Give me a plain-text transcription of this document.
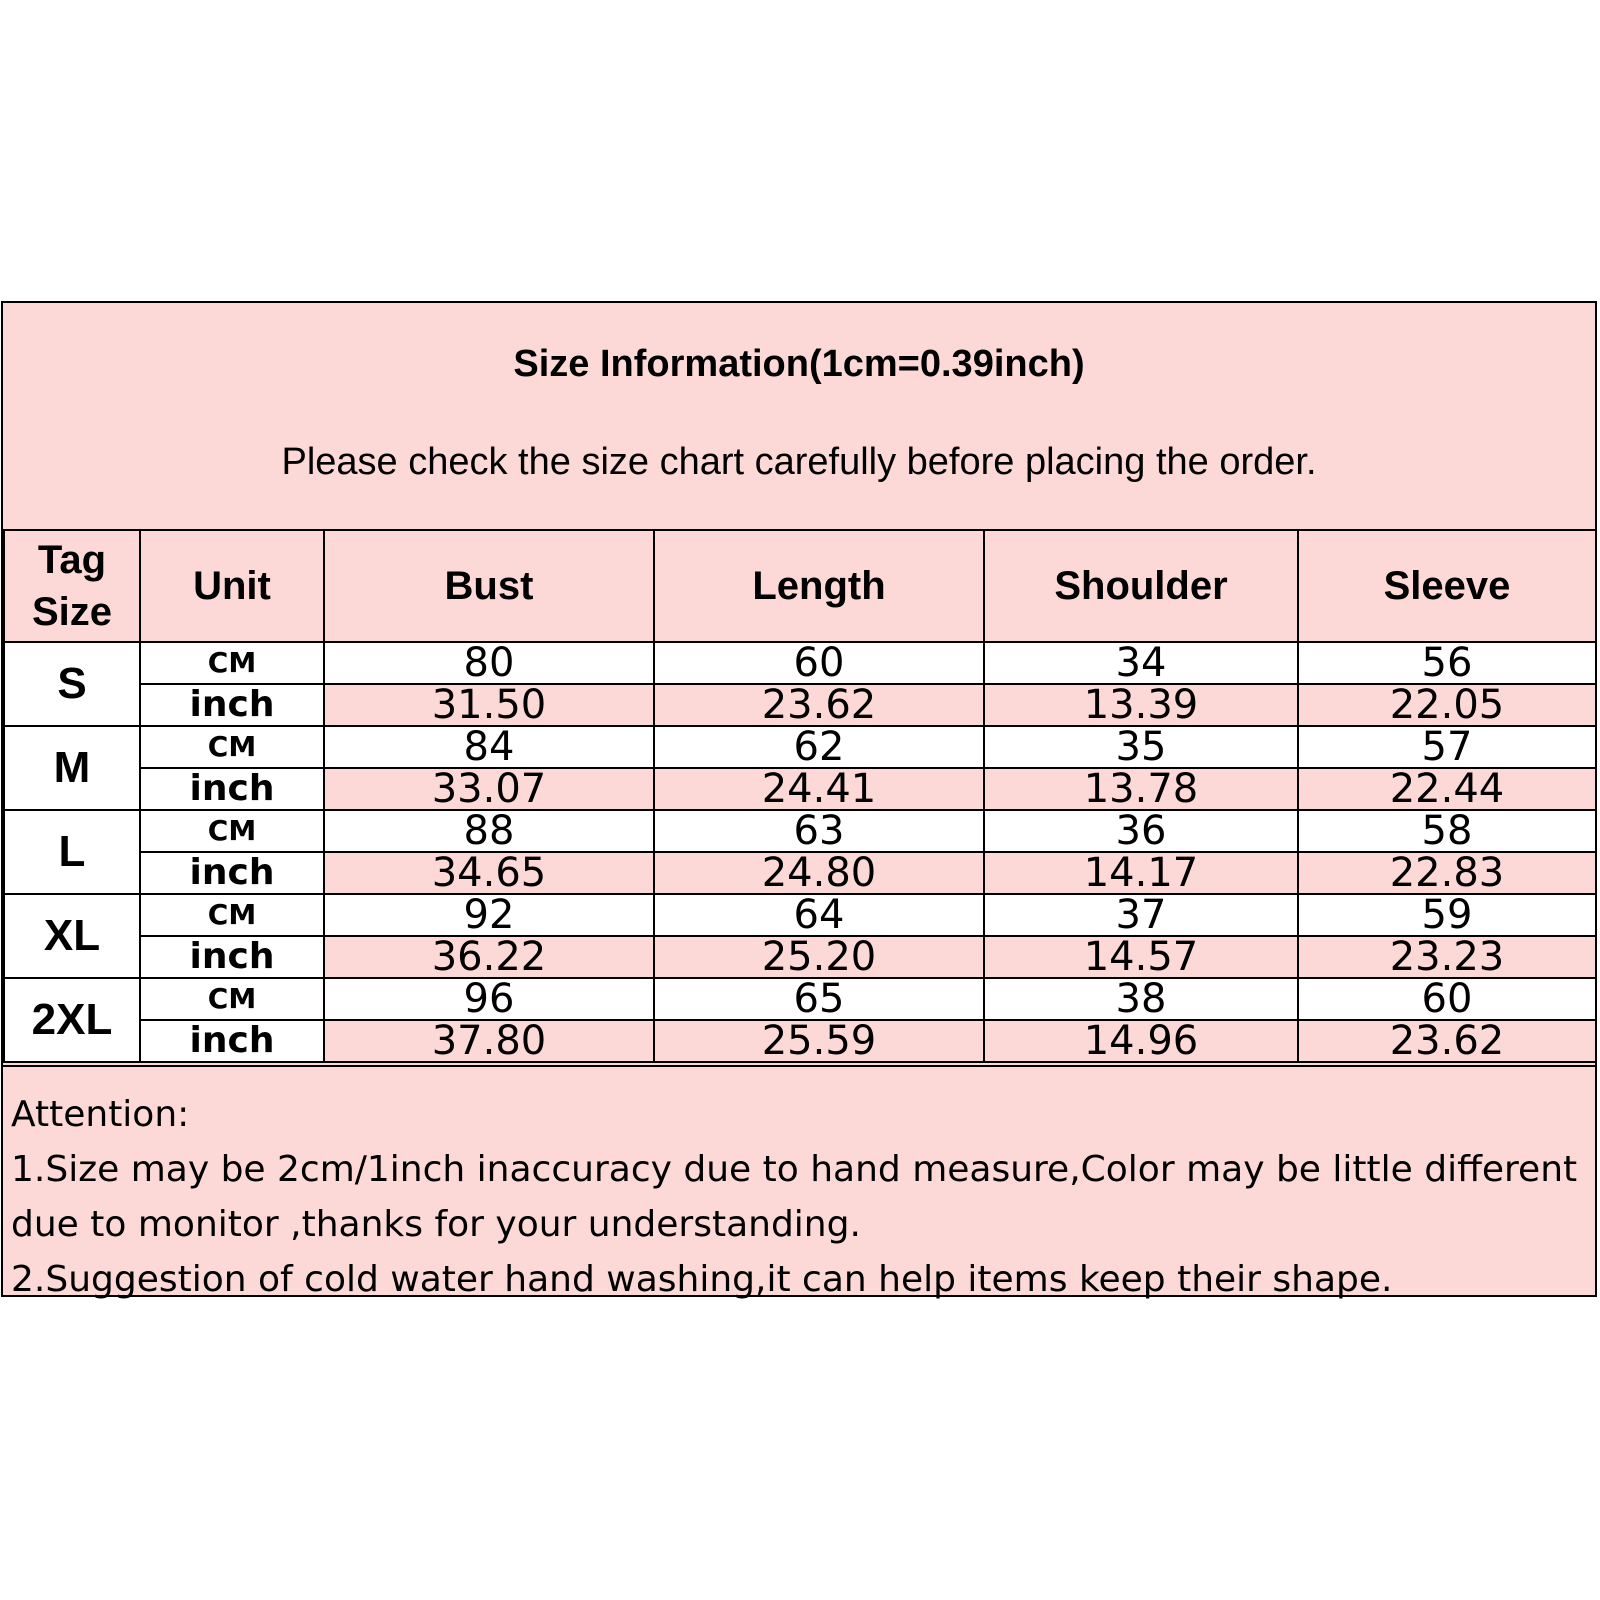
Size Information(1cm=0.39inch)
Please check the size chart carefully before placing the order.
Tag Size	Unit	Bust	Length	Shoulder	Sleeve
S	CM	80	60	34	56
	inch	31.50	23.62	13.39	22.05
M	CM	84	62	35	57
	inch	33.07	24.41	13.78	22.44
L	CM	88	63	36	58
	inch	34.65	24.80	14.17	22.83
XL	CM	92	64	37	59
	inch	36.22	25.20	14.57	23.23
2XL	CM	96	65	38	60
	inch	37.80	25.59	14.96	23.62

Attention:

1.Size may be 2cm/1inch inaccuracy due to hand measure,Color may be little different due to monitor ,thanks for your understanding.

2.Suggestion of cold water hand washing,it can help items keep their shape.
